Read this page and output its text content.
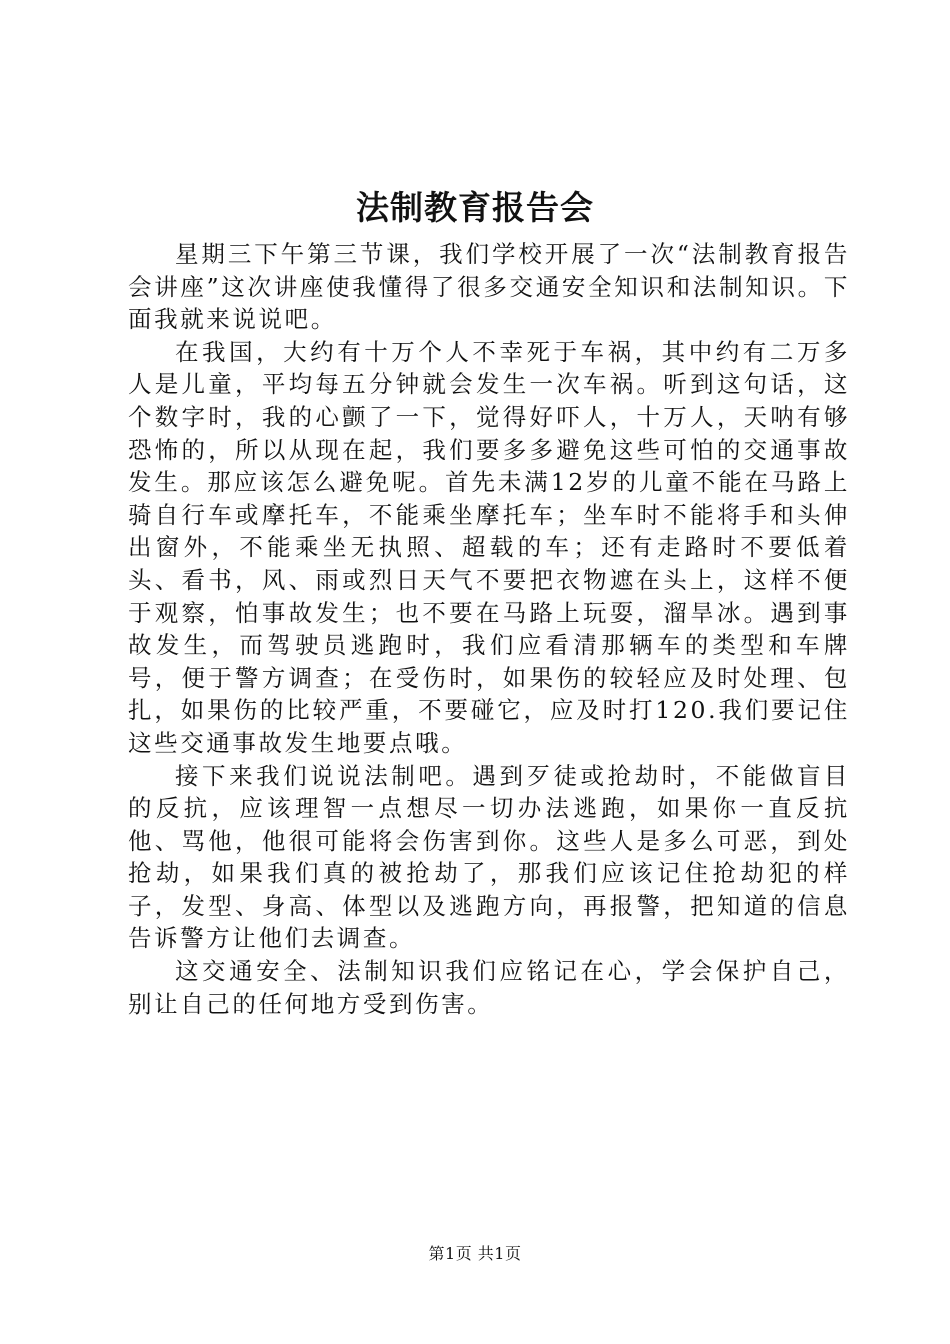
法制教育报告会

星期三下午第三节课，我们学校开展了一次“法制教育报告会讲座”这次讲座使我懂得了很多交通安全知识和法制知识。下面我就来说说吧。

在我国，大约有十万个人不幸死于车祸，其中约有二万多人是儿童，平均每五分钟就会发生一次车祸。听到这句话，这个数字时，我的心颤了一下，觉得好吓人，十万人，天呐有够恐怖的，所以从现在起，我们要多多避免这些可怕的交通事故发生。那应该怎么避免呢。首先未满12岁的儿童不能在马路上骑自行车或摩托车，不能乘坐摩托车；坐车时不能将手和头伸出窗外，不能乘坐无执照、超载的车；还有走路时不要低着头、看书，风、雨或烈日天气不要把衣物遮在头上，这样不便于观察，怕事故发生；也不要在马路上玩耍，溜旱冰。遇到事故发生，而驾驶员逃跑时，我们应看清那辆车的类型和车牌号，便于警方调查；在受伤时，如果伤的较轻应及时处理、包扎，如果伤的比较严重，不要碰它，应及时打120.我们要记住这些交通事故发生地要点哦。

接下来我们说说法制吧。遇到歹徒或抢劫时，不能做盲目的反抗，应该理智一点想尽一切办法逃跑，如果你一直反抗他、骂他，他很可能将会伤害到你。这些人是多么可恶，到处抢劫，如果我们真的被抢劫了，那我们应该记住抢劫犯的样子，发型、身高、体型以及逃跑方向，再报警，把知道的信息告诉警方让他们去调查。

这交通安全、法制知识我们应铭记在心，学会保护自己，别让自己的任何地方受到伤害。

第1页 共1页
